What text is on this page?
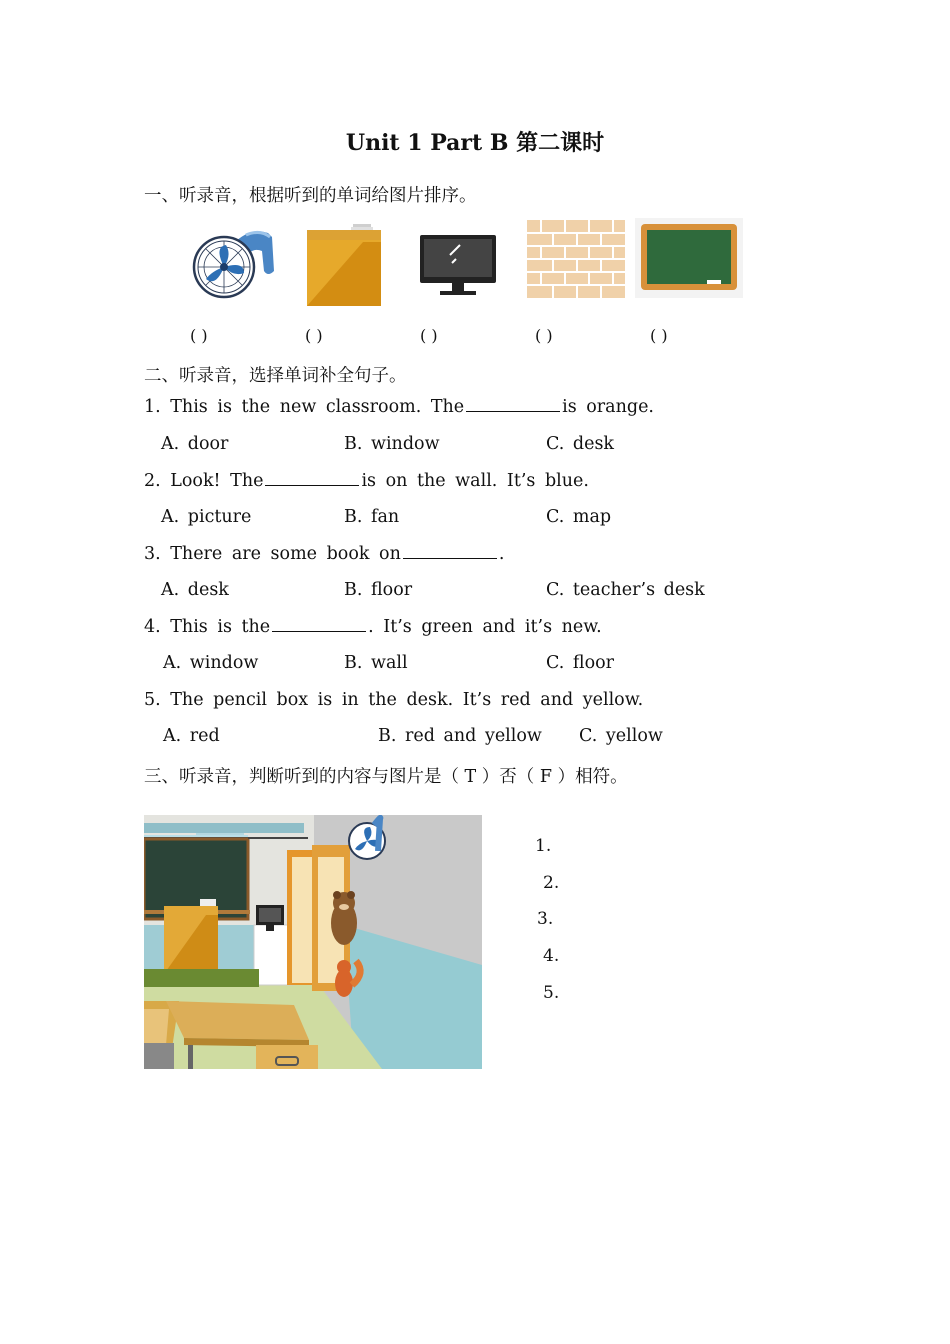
Unit 1 Part B 第二课时
一、听录音，根据听到的单词给图片排序。
( )	( )	( )	( )	( )
二、听录音，选择单词补全句子。
1. This is the new classroom. The	is orange.
A. door	B. window	C. desk
2. Look! The	is on the wall. It’s blue.
A. picture	B. fan	C. map
3. There are some book on	.
A. desk	B. floor	C. teacher’s desk
4. This is the	. It’s green and it’s new.
A. window	B. wall	C. floor
5. The pencil box is in the desk. It’s red and yellow.
A. red	B. red and yellow C. yellow
三、听录音，判断听到的内容与图片是（ T ）否（ F ）相符。
1.
2.
3.
4.
5.
